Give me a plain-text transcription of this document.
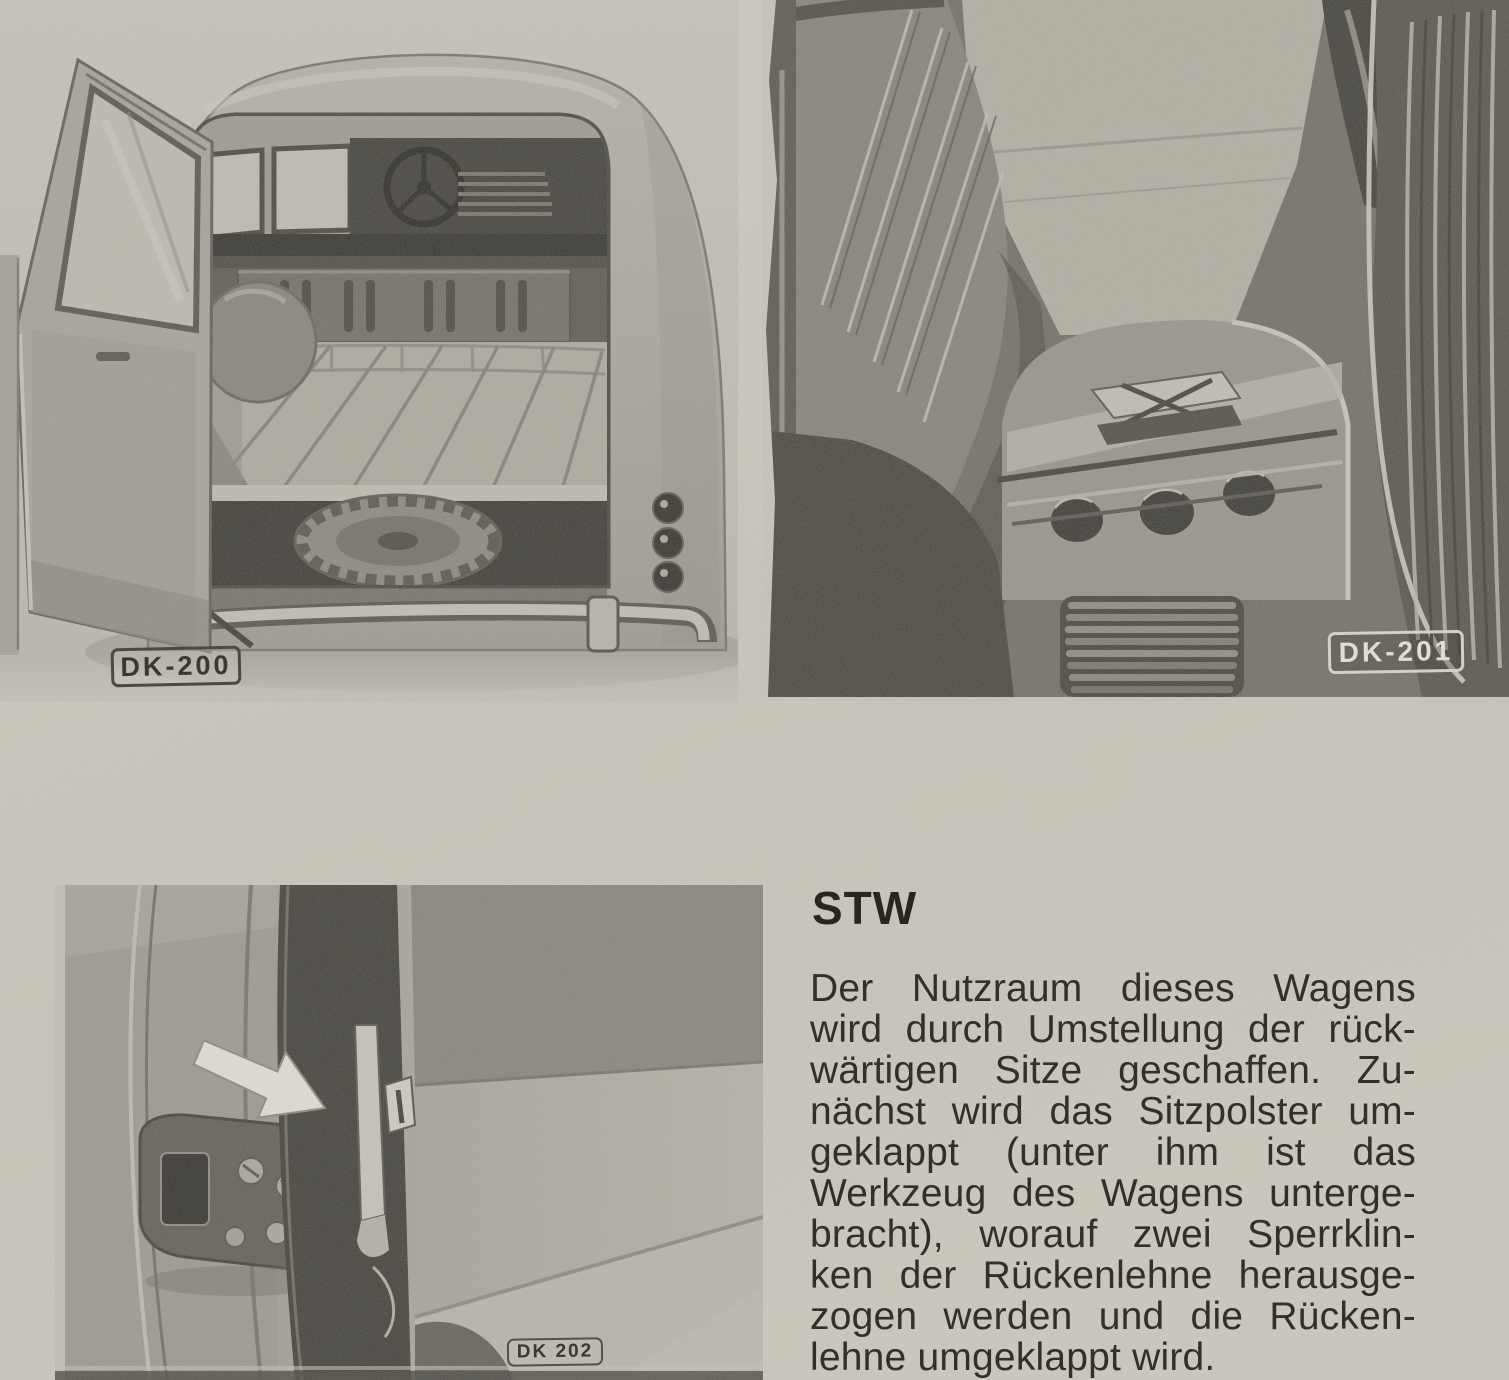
DK-200	DK-201
DK 202
STW
Der Nutzraum dieses Wagens
wird durch Umstellung der rück-
wärtigen Sitze geschaffen. Zu-
nächst wird das Sitzpolster um-
geklappt (unter ihm ist das
Werkzeug des Wagens unterge-
bracht), worauf zwei Sperrklin-
ken der Rückenlehne herausge-
zogen werden und die Rücken-
lehne umgeklappt wird.
